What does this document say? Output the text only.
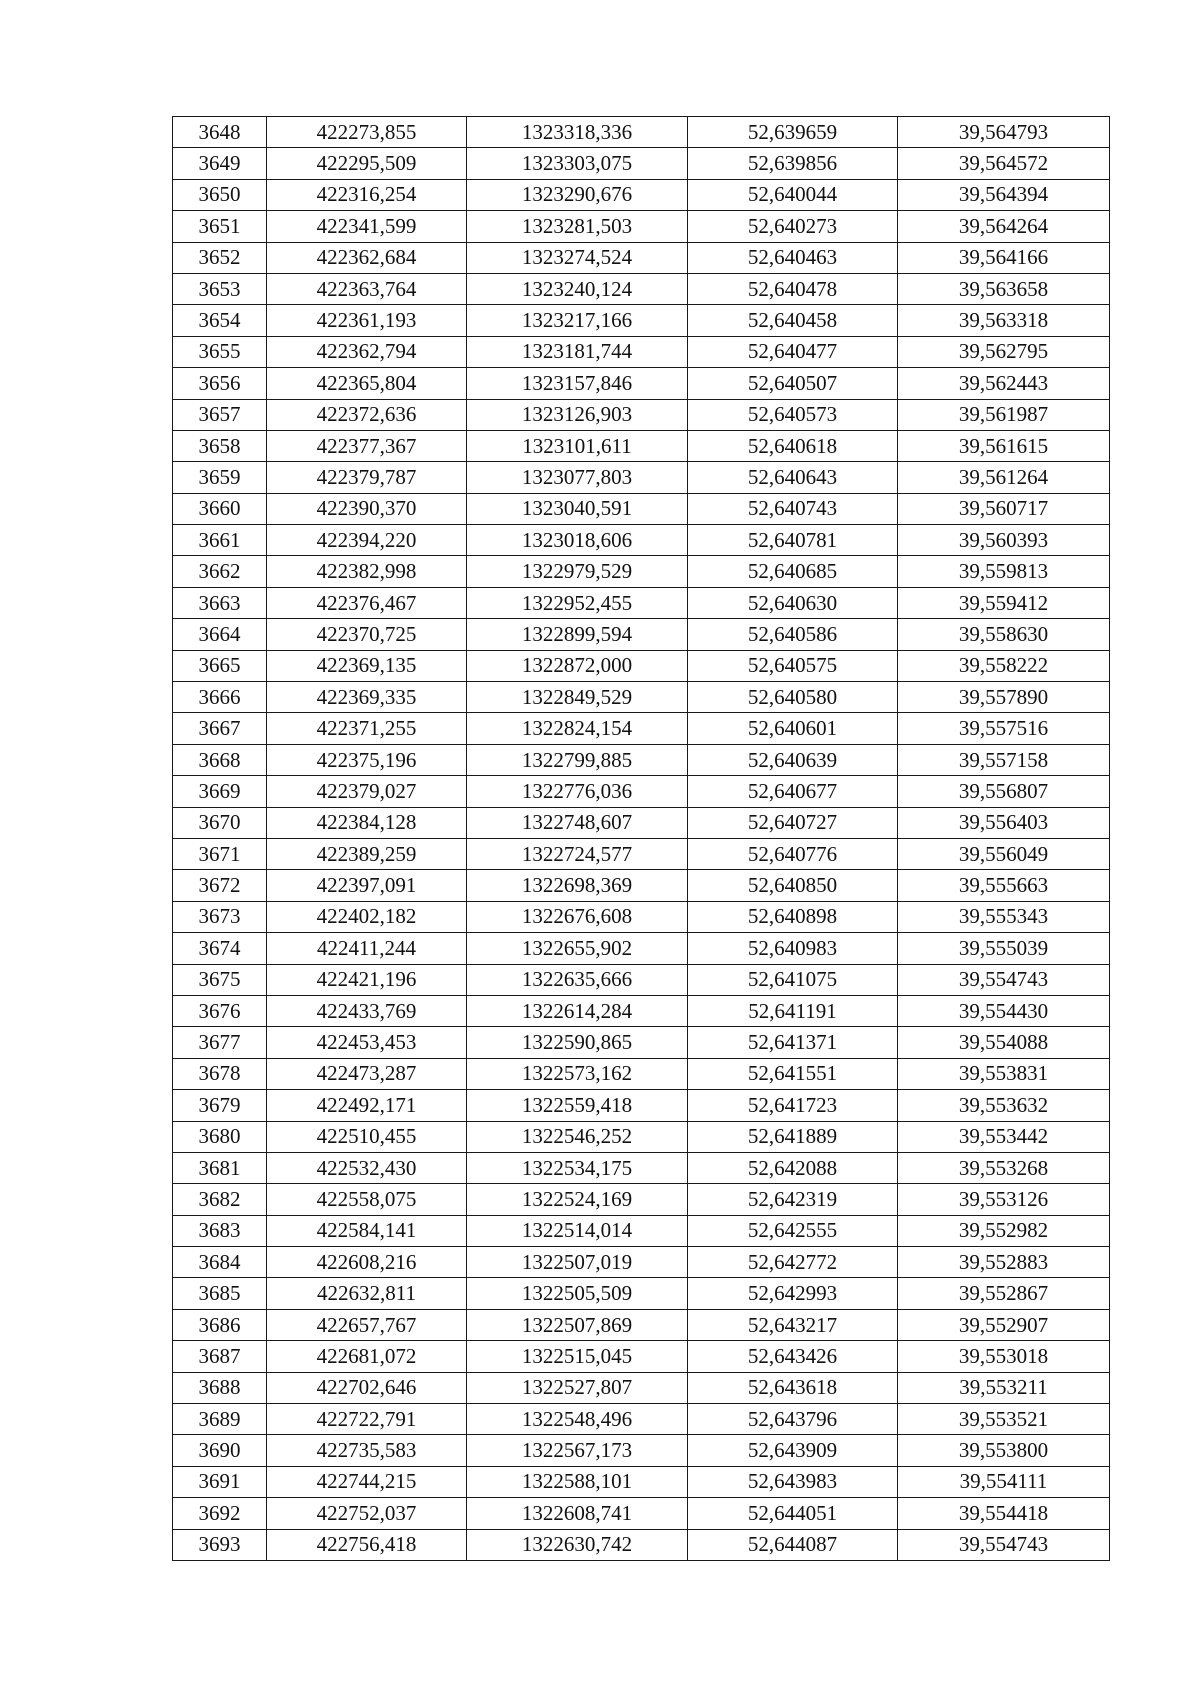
3648	422273,855	1323318,336	52,639659	39,564793
3649	422295,509	1323303,075	52,639856	39,564572
3650	422316,254	1323290,676	52,640044	39,564394
3651	422341,599	1323281,503	52,640273	39,564264
3652	422362,684	1323274,524	52,640463	39,564166
3653	422363,764	1323240,124	52,640478	39,563658
3654	422361,193	1323217,166	52,640458	39,563318
3655	422362,794	1323181,744	52,640477	39,562795
3656	422365,804	1323157,846	52,640507	39,562443
3657	422372,636	1323126,903	52,640573	39,561987
3658	422377,367	1323101,611	52,640618	39,561615
3659	422379,787	1323077,803	52,640643	39,561264
3660	422390,370	1323040,591	52,640743	39,560717
3661	422394,220	1323018,606	52,640781	39,560393
3662	422382,998	1322979,529	52,640685	39,559813
3663	422376,467	1322952,455	52,640630	39,559412
3664	422370,725	1322899,594	52,640586	39,558630
3665	422369,135	1322872,000	52,640575	39,558222
3666	422369,335	1322849,529	52,640580	39,557890
3667	422371,255	1322824,154	52,640601	39,557516
3668	422375,196	1322799,885	52,640639	39,557158
3669	422379,027	1322776,036	52,640677	39,556807
3670	422384,128	1322748,607	52,640727	39,556403
3671	422389,259	1322724,577	52,640776	39,556049
3672	422397,091	1322698,369	52,640850	39,555663
3673	422402,182	1322676,608	52,640898	39,555343
3674	422411,244	1322655,902	52,640983	39,555039
3675	422421,196	1322635,666	52,641075	39,554743
3676	422433,769	1322614,284	52,641191	39,554430
3677	422453,453	1322590,865	52,641371	39,554088
3678	422473,287	1322573,162	52,641551	39,553831
3679	422492,171	1322559,418	52,641723	39,553632
3680	422510,455	1322546,252	52,641889	39,553442
3681	422532,430	1322534,175	52,642088	39,553268
3682	422558,075	1322524,169	52,642319	39,553126
3683	422584,141	1322514,014	52,642555	39,552982
3684	422608,216	1322507,019	52,642772	39,552883
3685	422632,811	1322505,509	52,642993	39,552867
3686	422657,767	1322507,869	52,643217	39,552907
3687	422681,072	1322515,045	52,643426	39,553018
3688	422702,646	1322527,807	52,643618	39,553211
3689	422722,791	1322548,496	52,643796	39,553521
3690	422735,583	1322567,173	52,643909	39,553800
3691	422744,215	1322588,101	52,643983	39,554111
3692	422752,037	1322608,741	52,644051	39,554418
3693	422756,418	1322630,742	52,644087	39,554743
